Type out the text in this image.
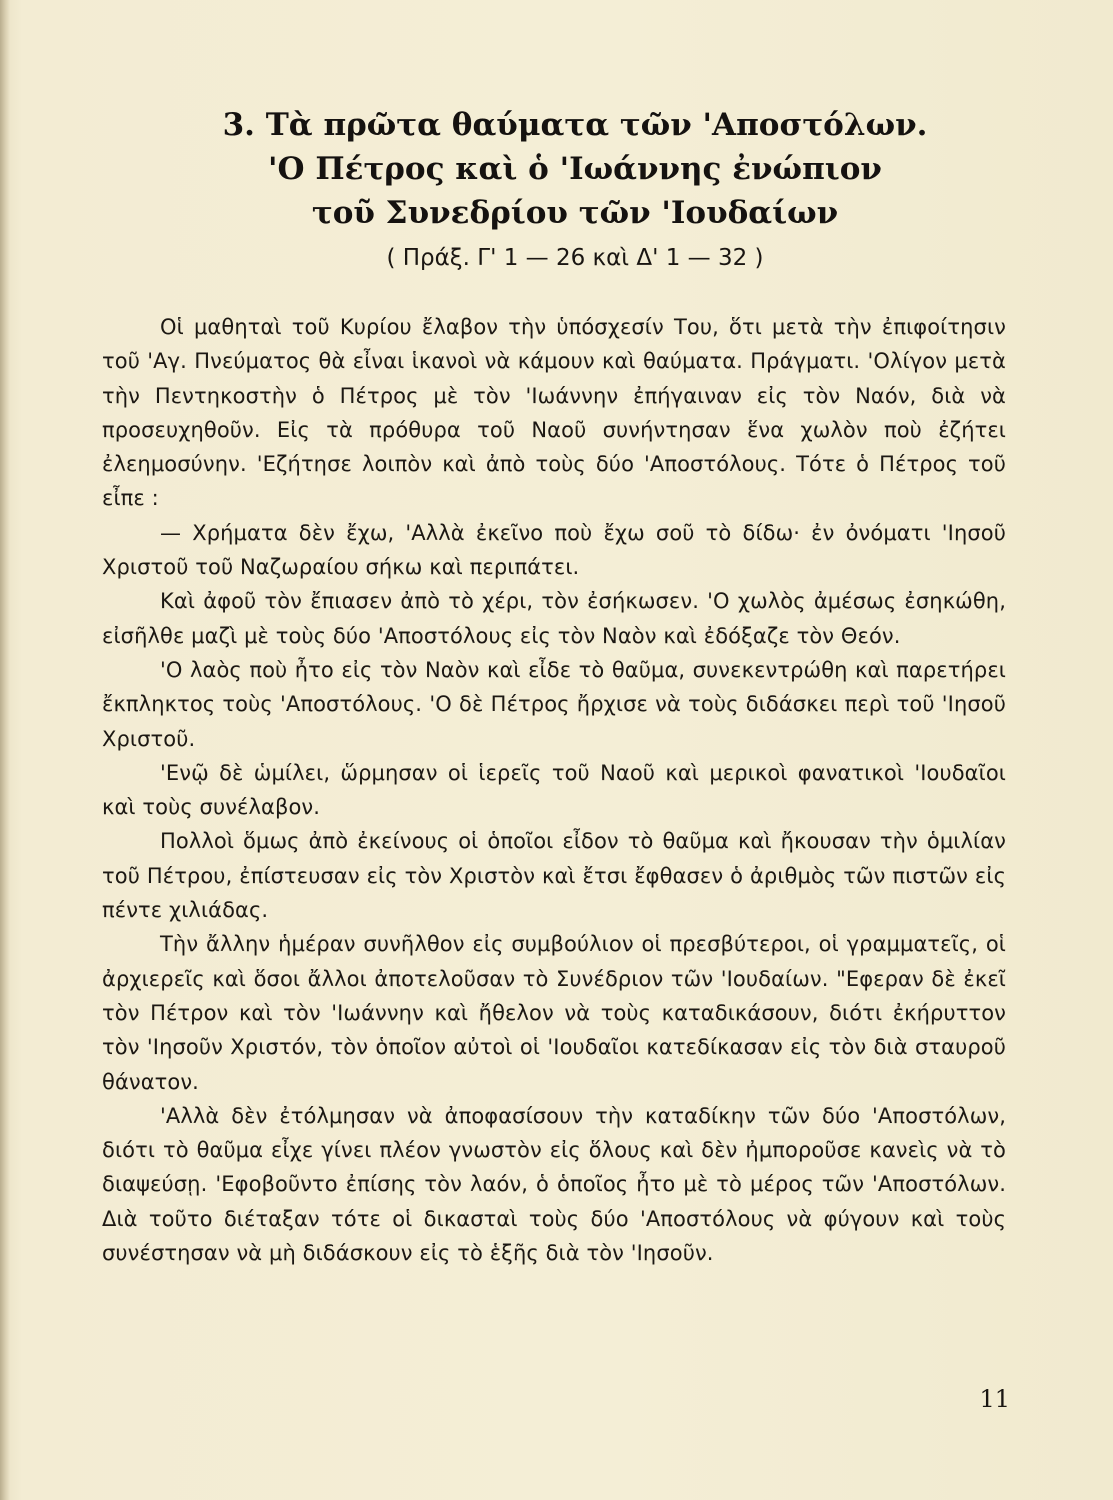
3. Τὰ πρῶτα θαύματα τῶν 'Αποστόλων.
'Ο Πέτρος καὶ ὁ 'Ιωάννης ἐνώπιον
τοῦ Συνεδρίου τῶν 'Ιουδαίων
( Πράξ. Γ' 1 — 26 καὶ Δ' 1 — 32 )

Οἱ μαθηταὶ τοῦ Κυρίου ἔλαβον τὴν ὑπόσχεσίν Του, ὅτι μετὰ τὴν ἐπιφοίτησιν τοῦ 'Αγ. Πνεύματος θὰ εἶναι ἱκανοὶ νὰ κάμουν καὶ θαύματα. Πράγματι. 'Ολίγον μετὰ τὴν Πεντηκοστὴν ὁ Πέτρος μὲ τὸν 'Ιωάννην ἐπήγαιναν εἰς τὸν Ναόν, διὰ νὰ προσευχηθοῦν. Εἰς τὰ πρόθυρα τοῦ Ναοῦ συνήντησαν ἕνα χωλὸν ποὺ ἐζήτει ἐλεημοσύνην. 'Εζήτησε λοιπὸν καὶ ἀπὸ τοὺς δύο 'Αποστόλους. Τότε ὁ Πέτρος τοῦ εἶπε :

— Χρήματα δὲν ἔχω, 'Αλλὰ ἐκεῖνο ποὺ ἔχω σοῦ τὸ δίδω· ἐν ὀνόματι 'Ιησοῦ Χριστοῦ τοῦ Ναζωραίου σήκω καὶ περιπάτει.

Καὶ ἀφοῦ τὸν ἔπιασεν ἀπὸ τὸ χέρι, τὸν ἐσήκωσεν. 'Ο χωλὸς ἀμέσως ἐσηκώθη, εἰσῆλθε μαζὶ μὲ τοὺς δύο 'Αποστόλους εἰς τὸν Ναὸν καὶ ἐδόξαζε τὸν Θεόν.

'Ο λαὸς ποὺ ἦτο εἰς τὸν Ναὸν καὶ εἶδε τὸ θαῦμα, συνεκεντρώθη καὶ παρετήρει ἔκπληκτος τοὺς 'Αποστόλους. 'Ο δὲ Πέτρος ἤρχισε νὰ τοὺς διδάσκει περὶ τοῦ 'Ιησοῦ Χριστοῦ.

'Ενῷ δὲ ὡμίλει, ὥρμησαν οἱ ἱερεῖς τοῦ Ναοῦ καὶ μερικοὶ φανατικοὶ 'Ιουδαῖοι καὶ τοὺς συνέλαβον.

Πολλοὶ ὅμως ἀπὸ ἐκείνους οἱ ὁποῖοι εἶδον τὸ θαῦμα καὶ ἤκουσαν τὴν ὁμιλίαν τοῦ Πέτρου, ἐπίστευσαν εἰς τὸν Χριστὸν καὶ ἔτσι ἔφθασεν ὁ ἀριθμὸς τῶν πιστῶν εἰς πέντε χιλιάδας.

Τὴν ἄλλην ἡμέραν συνῆλθον εἰς συμβούλιον οἱ πρεσβύτεροι, οἱ γραμματεῖς, οἱ ἀρχιερεῖς καὶ ὅσοι ἄλλοι ἀποτελοῦσαν τὸ Συνέδριον τῶν 'Ιουδαίων. "Εφεραν δὲ ἐκεῖ τὸν Πέτρον καὶ τὸν 'Ιωάννην καὶ ἤθελον νὰ τοὺς καταδικάσουν, διότι ἐκήρυττον τὸν 'Ιησοῦν Χριστόν, τὸν ὁποῖον αὐτοὶ οἱ 'Ιουδαῖοι κατεδίκασαν εἰς τὸν διὰ σταυροῦ θάνατον.

'Αλλὰ δὲν ἐτόλμησαν νὰ ἀποφασίσουν τὴν καταδίκην τῶν δύο 'Αποστόλων, διότι τὸ θαῦμα εἶχε γίνει πλέον γνωστὸν εἰς ὅλους καὶ δὲν ἠμποροῦσε κανεὶς νὰ τὸ διαψεύσῃ. 'Εφοβοῦντο ἐπίσης τὸν λαόν, ὁ ὁποῖος ἦτο μὲ τὸ μέρος τῶν 'Αποστόλων. Διὰ τοῦτο διέταξαν τότε οἱ δικασταὶ τοὺς δύο 'Αποστόλους νὰ φύγουν καὶ τοὺς συνέστησαν νὰ μὴ διδάσκουν εἰς τὸ ἑξῆς διὰ τὸν 'Ιησοῦν.

11
